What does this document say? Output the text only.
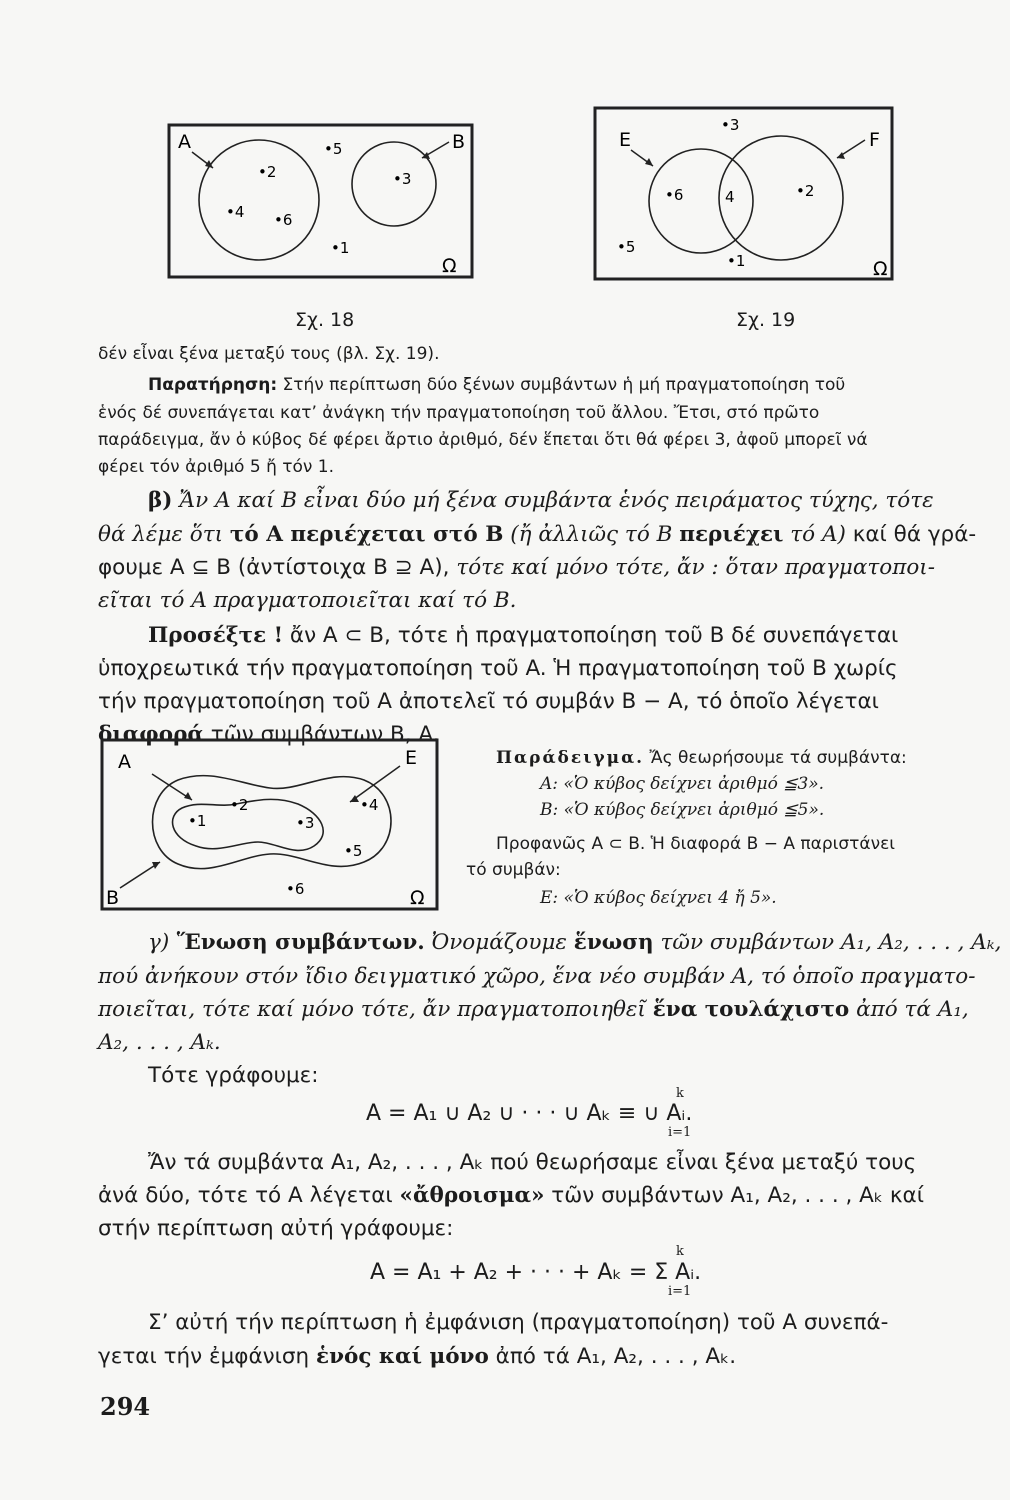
A	B
Ω
•2
•4 •6
•5
•3
•1
Σχ. 18
E	F
Ω
•3
•6	4	•2
•5
•1
Σχ. 19
δέν εἶναι ξένα μεταξύ τους (βλ. Σχ. 19).
Παρατήρηση: Στήν περίπτωση δύο ξένων συμβάντων ἡ μή πραγματοποίηση τοῦ
ἑνός δέ συνεπάγεται κατ’ ἀνάγκη τήν πραγματοποίηση τοῦ ἄλλου. Ἔτσι, στό πρῶτο
παράδειγμα, ἄν ὁ κύβος δέ φέρει ἄρτιο ἀριθμό, δέν ἕπεται ὅτι θά φέρει 3, ἀφοῦ μπορεῖ νά
φέρει τόν ἀριθμό 5 ἤ τόν 1.
β) Ἄν A καί B εἶναι δύο μή ξένα συμβάντα ἑνός πειράματος τύχης, τότε
θά λέμε ὅτι τό A περιέχεται στό B (ἤ ἀλλιῶς τό B περιέχει τό A) καί θά γρά-
φουμε A ⊆ B (ἀντίστοιχα B ⊇ A), τότε καί μόνο τότε, ἄν : ὅταν πραγματοποι-
εῖται τό A πραγματοποιεῖται καί τό B.
Προσέξτε ! ἄν A ⊂ B, τότε ἡ πραγματοποίηση τοῦ B δέ συνεπάγεται
ὑποχρεωτικά τήν πραγματοποίηση τοῦ A. Ἡ πραγματοποίηση τοῦ B χωρίς
τήν πραγματοποίηση τοῦ A ἀποτελεῖ τό συμβάν B − A, τό ὁποῖο λέγεται
διαφορά τῶν συμβάντων B, A.
A	E
B	Ω
•1
•2
•3
•4
•5
•6
Παράδειγμα. Ἄς θεωρήσουμε τά συμβάντα:
A: «Ὁ κύβος δείχνει ἀριθμό ≦3».
B: «Ὁ κύβος δείχνει ἀριθμό ≦5».
Προφανῶς A ⊂ B. Ἡ διαφορά B − A παριστάνει
τό συμβάν:
E: «Ὁ κύβος δείχνει 4 ἤ 5».
γ) Ἕνωση συμβάντων. Ὀνομάζουμε ἕνωση τῶν συμβάντων A₁, A₂, . . . , Aₖ,
πού ἀνήκουν στόν ἴδιο δειγματικό χῶρο, ἕνα νέο συμβάν A, τό ὁποῖο πραγματο-
ποιεῖται, τότε καί μόνο τότε, ἄν πραγματοποιηθεῖ ἕνα τουλάχιστο ἀπό τά A₁,
A₂, . . . , Aₖ.
Τότε γράφουμε:
k
A = A₁ ∪ A₂ ∪ · · · ∪ Aₖ ≡ ∪ Aᵢ.
i=1
Ἄν τά συμβάντα A₁, A₂, . . . , Aₖ πού θεωρήσαμε εἶναι ξένα μεταξύ τους
ἀνά δύο, τότε τό A λέγεται «ἄθροισμα» τῶν συμβάντων A₁, A₂, . . . , Aₖ καί
στήν περίπτωση αὐτή γράφουμε:
k
A = A₁ + A₂ + · · · + Aₖ = Σ Aᵢ.
i=1
Σ’ αὐτή τήν περίπτωση ἡ ἐμφάνιση (πραγματοποίηση) τοῦ A συνεπά-
γεται τήν ἐμφάνιση ἑνός καί μόνο ἀπό τά A₁, A₂, . . . , Aₖ.
294
